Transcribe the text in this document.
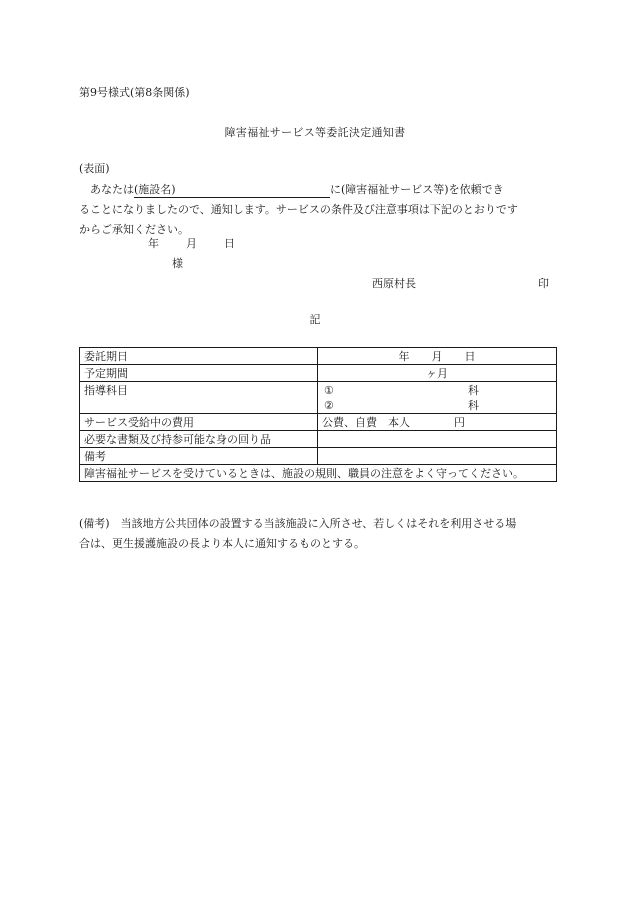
第9号様式(第8条関係)
障害福祉サービス等委託決定通知書
(表面)

あなたは(施設名)	に(障害福祉サービス等)を依頼でき

ることになりましたので、通知します。サービスの条件及び注意事項は下記のとおりです

からご承知ください。

年 月 日
様
西原村長	印
記
委託期日	年　　月　　日
予定期間	ヶ月
指導科目	① 科
② 科

サービス受給中の費用	公費、自費　本人　　　　円
必要な書類及び持参可能な身の回り品	
備考	
障害福祉サービスを受けているときは、施設の規則、職員の注意をよく守ってください。	

(備考)　当該地方公共団体の設置する当該施設に入所させ、若しくはそれを利用させる場

合は、更生援護施設の長より本人に通知するものとする。
